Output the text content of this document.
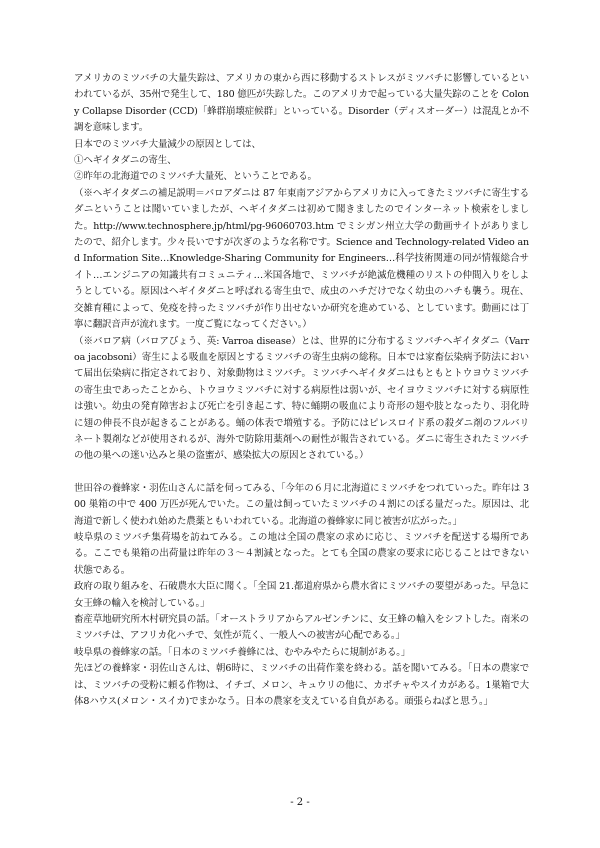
アメリカのミツバチの大量失踪は、アメリカの東から西に移動するストレスがミツバチに影響しているといわれているが、35州で発生して、180 億匹が失踪した。このアメリカで起っている大量失踪のことを Colony Collapse Disorder (CCD)「蜂群崩壊症候群」といっている。Disorder（ディスオーダー）は混乱とか不調を意味します。

日本でのミツバチ大量減少の原因としては、

①ヘギイタダニの寄生、

②昨年の北海道でのミツバチ大量死、ということである。

（※ヘギイタダニの補足説明＝バロアダニは 87 年東南アジアからアメリカに入ってきたミツバチに寄生するダニということは聞いていましたが、ヘギイタダニは初めて聞きましたのでインターネット検索をしました。http://www.technosphere.jp/html/pg-96060703.htm でミシガン州立大学の動画サイトがありましたので、紹介します。少々長いですが次ぎのような名称です。Science and Technology-related Video and Information Site…Knowledge-Sharing Community for Engineers…科学技術関連の同が情報総合サイト…エンジニアの知識共有コミュニティ…米国各地で、ミツバチが絶滅危機種のリストの仲間入りをしようとしている。原因はヘギイタダニと呼ばれる寄生虫で、成虫のハチだけでなく幼虫のハチも襲う。現在、交雑育種によって、免疫を持ったミツバチが作り出せないか研究を進めている、としています。動画には丁寧に翻訳音声が流れます。一度ご覧になってください。）

（※バロア病（バロアびょう、英: Varroa disease）とは、世界的に分布するミツバチヘギイタダニ（Varroa jacobsoni）寄生による吸血を原因とするミツバチの寄生虫病の総称。日本では家畜伝染病予防法において届出伝染病に指定されており、対象動物はミツバチ。ミツバチヘギイタダニはもともとトウヨウミツバチの寄生虫であったことから、トウヨウミツバチに対する病原性は弱いが、セイヨウミツバチに対する病原性は強い。幼虫の発育障害および死亡を引き起こす、特に蛹期の吸血により奇形の翅や肢となったり、羽化時に翅の伸長不良が起きることがある。蛹の体表で増殖する。予防にはピレスロイド系の殺ダニ剤のフルバリネート製剤などが使用されるが、海外で防除用薬剤への耐性が報告されている。ダニに寄生されたミツバチの他の巣への迷い込みと巣の盗蜜が、感染拡大の原因とされている。）

世田谷の養蜂家・羽佐山さんに話を伺ってみる、「今年の６月に北海道にミツバチをつれていった。昨年は 300 巣箱の中で 400 万匹が死んでいた。この量は飼っていたミツバチの４割にのぼる量だった。原因は、北海道で新しく使われ始めた農薬ともいわれている。北海道の養蜂家に同じ被害が広がった。」

岐阜県のミツバチ集荷場を訪ねてみる。この地は全国の農家の求めに応じ、ミツバチを配送する場所である。ここでも巣箱の出荷量は昨年の３～４割減となった。とても全国の農家の要求に応じることはできない状態である。

政府の取り組みを、石破農水大臣に聞く。「全国 21.都道府県から農水省にミツバチの要望があった。早急に女王蜂の輸入を検討している。」

畜産草地研究所木村研究員の話。「オーストラリアからアルゼンチンに、女王蜂の輸入をシフトした。南米のミツバチは、アフリカ化ハチで、気性が荒く、一般人への被害が心配である。」

岐阜県の養蜂家の話。「日本のミツバチ養蜂には、むやみやたらに規制がある。」

先ほどの養蜂家・羽佐山さんは、朝6時に、ミツバチの出荷作業を終わる。話を聞いてみる。「日本の農家では、ミツバチの受粉に頼る作物は、イチゴ、メロン、キュウリの他に、カボチャやスイカがある。1巣箱で大体8ハウス(メロン・スイカ)でまかなう。日本の農家を支えている自負がある。頑張らねばと思う。」

- 2 -
